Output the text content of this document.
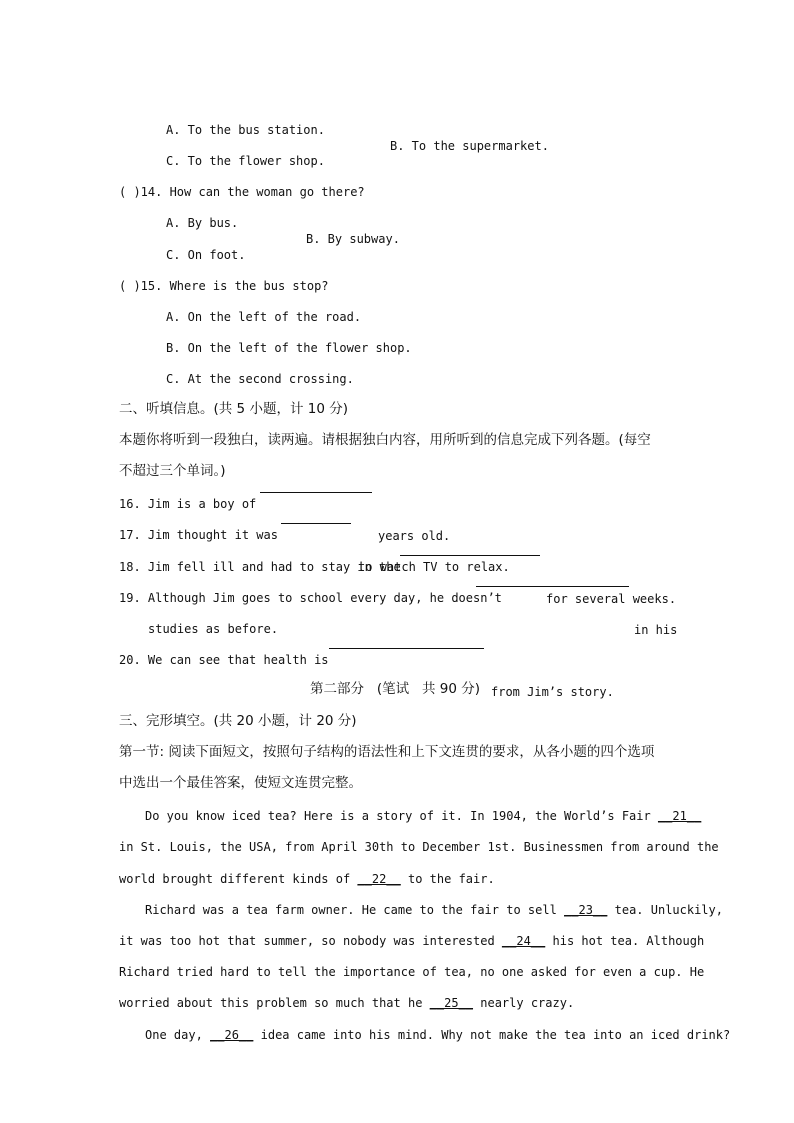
A. To the bus station.

B. To the supermarket.

C. To the flower shop.

( )14. How can the woman go there?

A. By bus.

B. By subway.

C. On foot.

( )15. Where is the bus stop?

A. On the left of the road.

B. On the left of the flower shop.

C. At the second crossing.

二、听填信息。(共 5 小题，计 10 分)

本题你将听到一段独白，读两遍。请根据独白内容，用所听到的信息完成下列各题。(每空

不超过三个单词。)

16. Jim is a boy of

years old.

17. Jim thought it was

to watch TV to relax.

18. Jim fell ill and had to stay in the

for several weeks.

19. Although Jim goes to school every day, he doesn’t

in his

studies as before.

20. We can see that health is

from Jim’s story.

第二部分   (笔试   共 90 分)

三、完形填空。(共 20 小题，计 20 分)

第一节: 阅读下面短文，按照句子结构的语法性和上下文连贯的要求，从各小题的四个选项

中选出一个最佳答案，使短文连贯完整。

Do you know iced tea? Here is a story of it. In 1904, the World’s Fair __21__

in St. Louis, the USA, from April 30th to December 1st. Businessmen from around the

world brought different kinds of __22__ to the fair.

Richard was a tea farm owner. He came to the fair to sell __23__ tea. Unluckily,

it was too hot that summer, so nobody was interested __24__ his hot tea. Although

Richard tried hard to tell the importance of tea, no one asked for even a cup. He

worried about this problem so much that he __25__ nearly crazy.

One day, __26__ idea came into his mind. Why not make the tea into an iced drink?
